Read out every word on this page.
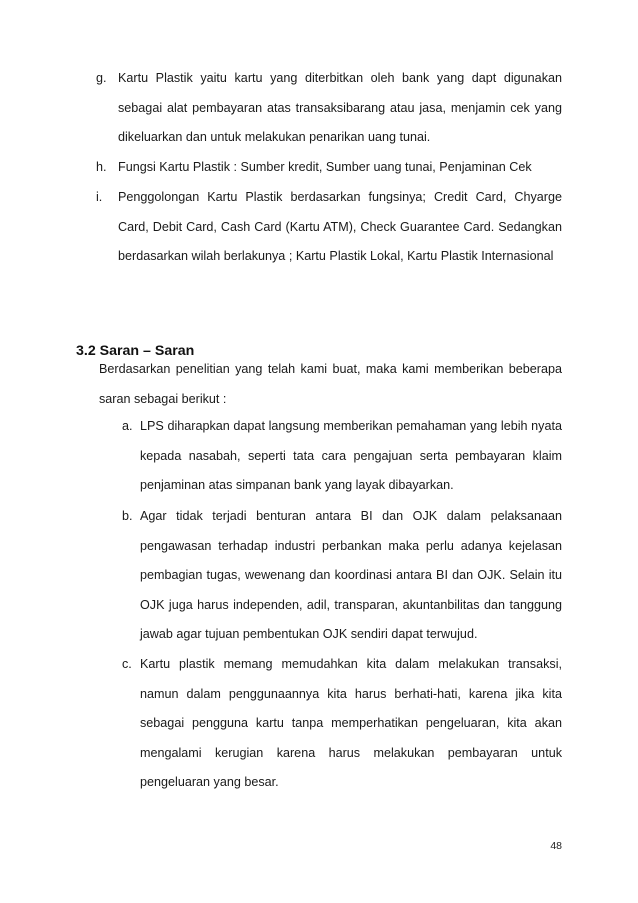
g. Kartu Plastik yaitu kartu yang diterbitkan oleh bank yang dapt digunakan sebagai alat pembayaran atas transaksibarang atau jasa, menjamin cek yang dikeluarkan dan untuk melakukan penarikan uang tunai.
h. Fungsi Kartu Plastik : Sumber kredit, Sumber uang tunai, Penjaminan Cek
i.	Penggolongan Kartu Plastik berdasarkan fungsinya; Credit Card, Chyarge Card, Debit Card, Cash Card (Kartu ATM), Check Guarantee Card. Sedangkan berdasarkan wilah berlakunya ; Kartu Plastik Lokal, Kartu Plastik Internasional
3.2 Saran – Saran
Berdasarkan penelitian yang telah kami buat, maka kami memberikan beberapa saran sebagai berikut :
a. LPS diharapkan dapat langsung memberikan pemahaman yang lebih nyata kepada nasabah, seperti tata cara pengajuan serta pembayaran klaim penjaminan atas simpanan bank yang layak dibayarkan.
b. Agar tidak terjadi benturan antara BI dan OJK dalam pelaksanaan pengawasan terhadap industri perbankan maka perlu adanya kejelasan pembagian tugas, wewenang dan koordinasi antara BI dan OJK. Selain itu OJK juga harus independen, adil, transparan, akuntanbilitas dan tanggung jawab agar tujuan pembentukan OJK sendiri dapat terwujud.
c. Kartu plastik memang memudahkan kita dalam melakukan transaksi, namun dalam penggunaannya kita harus berhati-hati, karena jika kita sebagai pengguna kartu tanpa memperhatikan pengeluaran, kita akan mengalami kerugian karena harus melakukan pembayaran untuk pengeluaran yang besar.
48
